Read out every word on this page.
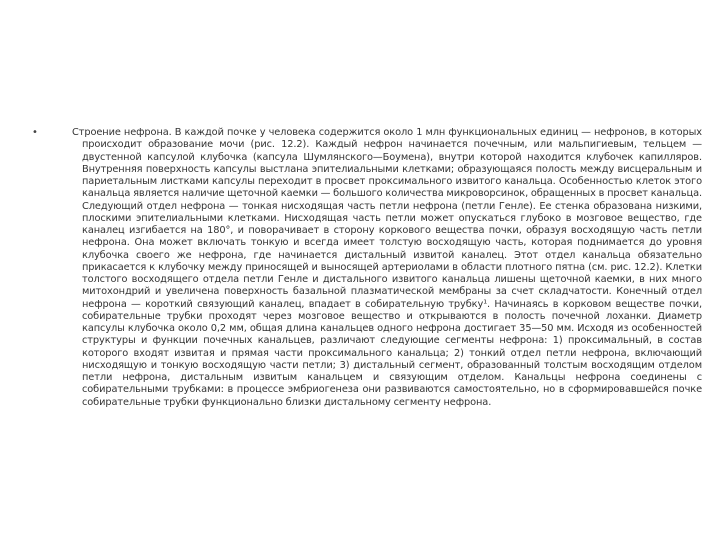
•	Строение нефрона. В каждой почке у человека содержится около 1 млн функциональных единиц — нефронов, в которых происходит образование мочи (рис. 12.2). Каждый нефрон начинается почечным, или мальпигиевым, тельцем — двустенной капсулой клубочка (капсула Шумлянского—Боумена), внутри которой находится клубочек капилляров. Внутренняя поверхность капсулы выстлана эпителиальными клетками; образующаяся полость между висцеральным и париетальным листками капсулы переходит в просвет проксимального извитого канальца. Особенностью клеток этого канальца является наличие щеточной каемки — большого количества микроворсинок, обращенных в просвет канальца. Следующий отдел нефрона — тонкая нисходящая часть петли нефрона (петли Генле). Ее стенка образована низкими, плоскими эпителиальными клетками. Нисходящая часть петли может опускаться глубоко в мозговое вещество, где каналец изгибается на 180°, и поворачивает в сторону коркового вещества почки, образуя восходящую часть петли нефрона. Она может включать тонкую и всегда имеет толстую восходящую часть, которая поднимается до уровня клубочка своего же нефрона, где начинается дистальный извитой каналец. Этот отдел канальца обязательно прикасается к клубочку между приносящей и выносящей артериолами в области плотного пятна (см. рис. 12.2). Клетки толстого восходящего отдела петли Генле и дистального извитого канальца лишены щеточной каемки, в них много митохондрий и увеличена поверхность базальной плазматической мембраны за счет складчатости. Конечный отдел нефрона — короткий связующий каналец, впадает в собирательную трубку¹. Начинаясь в корковом веществе почки, собирательные трубки проходят через мозговое вещество и открываются в полость почечной лоханки. Диаметр капсулы клубочка около 0,2 мм, общая длина канальцев одного нефрона достигает 35—50 мм. Исходя из особенностей структуры и функции почечных канальцев, различают следующие сегменты нефрона: 1) проксимальный, в состав которого входят извитая и прямая части проксимального канальца; 2) тонкий отдел петли нефрона, включающий нисходящую и тонкую восходящую части петли; 3) дистальный сегмент, образованный толстым восходящим отделом петли нефрона, дистальным извитым канальцем и связующим отделом. Канальцы нефрона соединены с собирательными трубками: в процессе эмбриогенеза они развиваются самостоятельно, но в сформировавшейся почке собирательные трубки функционально близки дистальному сегменту нефрона.
